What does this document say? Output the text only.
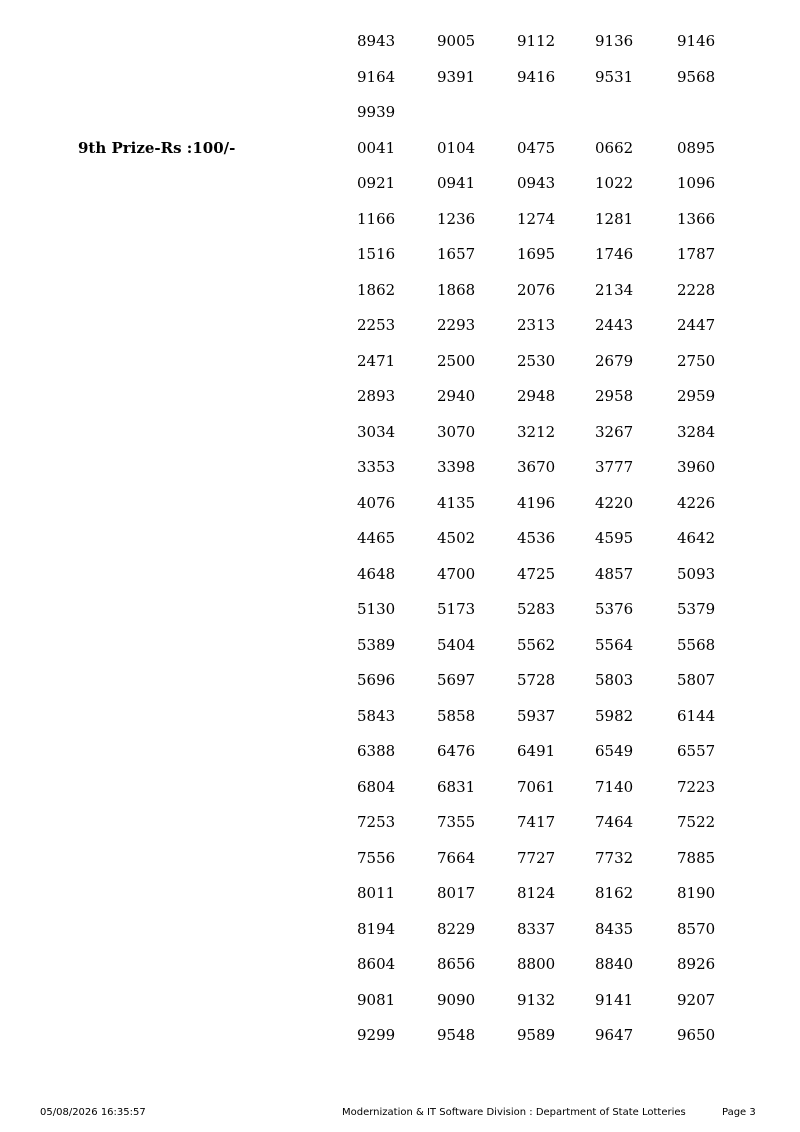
8943	9005	9112	9136	9146
9164	9391	9416	9531	9568
9939
9th Prize-Rs :100/-	0041	0104	0475	0662	0895
0921	0941	0943	1022	1096
1166	1236	1274	1281	1366
1516	1657	1695	1746	1787
1862	1868	2076	2134	2228
2253	2293	2313	2443	2447
2471	2500	2530	2679	2750
2893	2940	2948	2958	2959
3034	3070	3212	3267	3284
3353	3398	3670	3777	3960
4076	4135	4196	4220	4226
4465	4502	4536	4595	4642
4648	4700	4725	4857	5093
5130	5173	5283	5376	5379
5389	5404	5562	5564	5568
5696	5697	5728	5803	5807
5843	5858	5937	5982	6144
6388	6476	6491	6549	6557
6804	6831	7061	7140	7223
7253	7355	7417	7464	7522
7556	7664	7727	7732	7885
8011	8017	8124	8162	8190
8194	8229	8337	8435	8570
8604	8656	8800	8840	8926
9081	9090	9132	9141	9207
9299	9548	9589	9647	9650
05/08/2026 16:35:57	Modernization & IT Software Division : Department of State Lotteries	Page 3
